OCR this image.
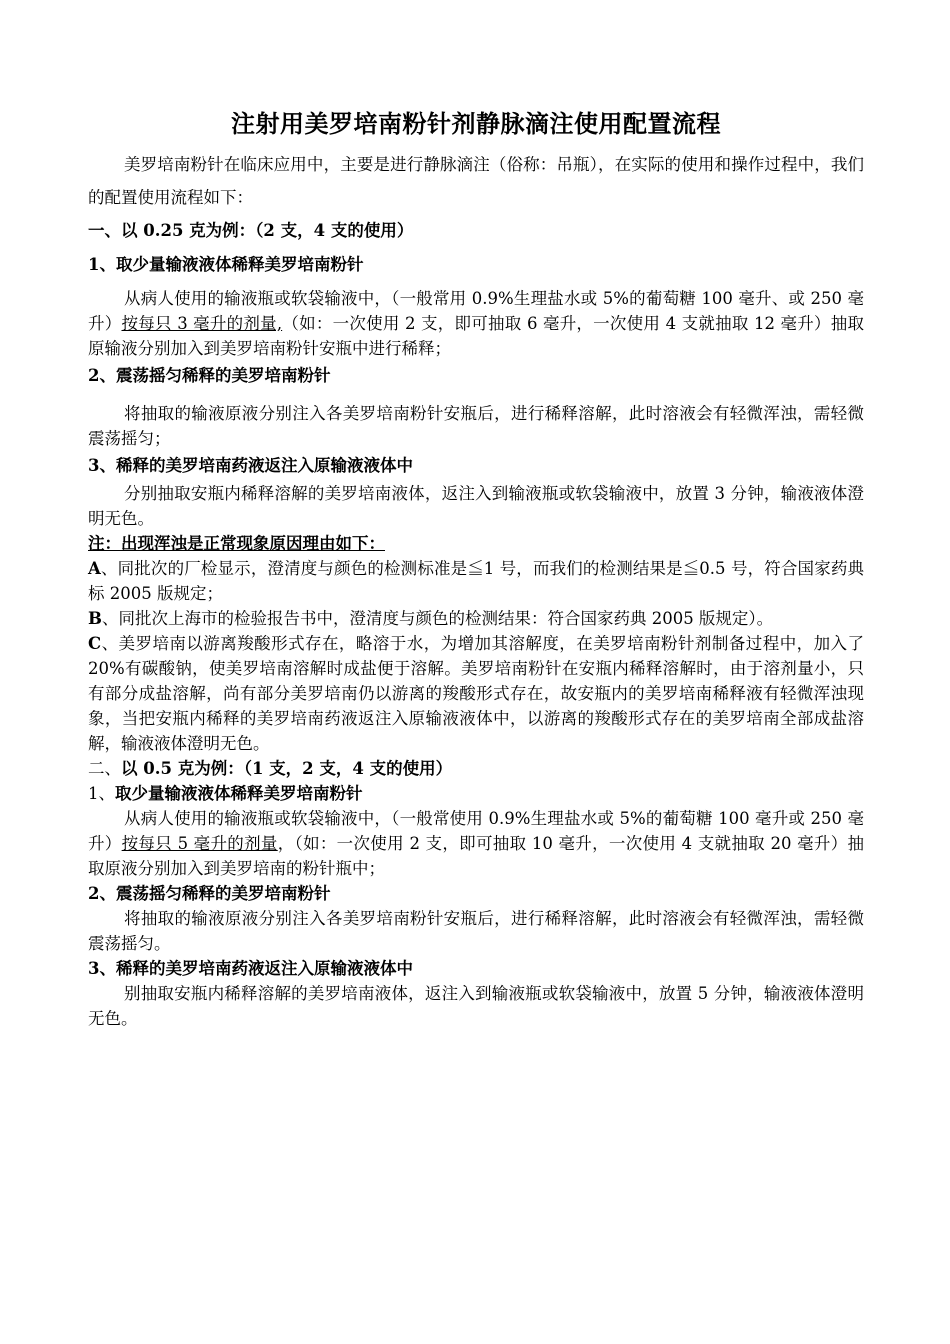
注射用美罗培南粉针剂静脉滴注使用配置流程

美罗培南粉针在临床应用中，主要是进行静脉滴注（俗称：吊瓶），在实际的使用和操作过程中，我们的配置使用流程如下：

一、以 0.25 克为例：（2 支，4 支的使用）

1、取少量输液液体稀释美罗培南粉针

从病人使用的输液瓶或软袋输液中，（一般常用 0.9%生理盐水或 5%的葡萄糖 100 毫升、或 250 毫升）按每只 3 毫升的剂量,（如：一次使用 2 支，即可抽取 6 毫升，一次使用 4 支就抽取 12 毫升）抽取原输液分别加入到美罗培南粉针安瓶中进行稀释；

2、震荡摇匀稀释的美罗培南粉针

将抽取的输液原液分别注入各美罗培南粉针安瓶后，进行稀释溶解，此时溶液会有轻微浑浊，需轻微震荡摇匀；

3、稀释的美罗培南药液返注入原输液液体中

分别抽取安瓶内稀释溶解的美罗培南液体，返注入到输液瓶或软袋输液中，放置 3 分钟，输液液体澄明无色。

注：出现浑浊是正常现象原因理由如下：

A、同批次的厂检显示，澄清度与颜色的检测标准是≦1 号，而我们的检测结果是≦0.5 号，符合国家药典标 2005 版规定；

B、同批次上海市的检验报告书中，澄清度与颜色的检测结果：符合国家药典 2005 版规定）。

C、美罗培南以游离羧酸形式存在，略溶于水，为增加其溶解度，在美罗培南粉针剂制备过程中，加入了 20%有碳酸钠，使美罗培南溶解时成盐便于溶解。美罗培南粉针在安瓶内稀释溶解时，由于溶剂量小，只有部分成盐溶解，尚有部分美罗培南仍以游离的羧酸形式存在，故安瓶内的美罗培南稀释液有轻微浑浊现象，当把安瓶内稀释的美罗培南药液返注入原输液液体中，以游离的羧酸形式存在的美罗培南全部成盐溶解，输液液体澄明无色。

二、以 0.5 克为例：（1 支，2 支，4 支的使用）

1、取少量输液液体稀释美罗培南粉针

从病人使用的输液瓶或软袋输液中，（一般常使用 0.9%生理盐水或 5%的葡萄糖 100 毫升或 250 毫升）按每只 5 毫升的剂量，（如：一次使用 2 支，即可抽取 10 毫升，一次使用 4 支就抽取 20 毫升）抽取原液分别加入到美罗培南的粉针瓶中；

2、震荡摇匀稀释的美罗培南粉针

将抽取的输液原液分别注入各美罗培南粉针安瓶后，进行稀释溶解，此时溶液会有轻微浑浊，需轻微震荡摇匀。

3、稀释的美罗培南药液返注入原输液液体中

别抽取安瓶内稀释溶解的美罗培南液体，返注入到输液瓶或软袋输液中，放置 5 分钟，输液液体澄明无色。
